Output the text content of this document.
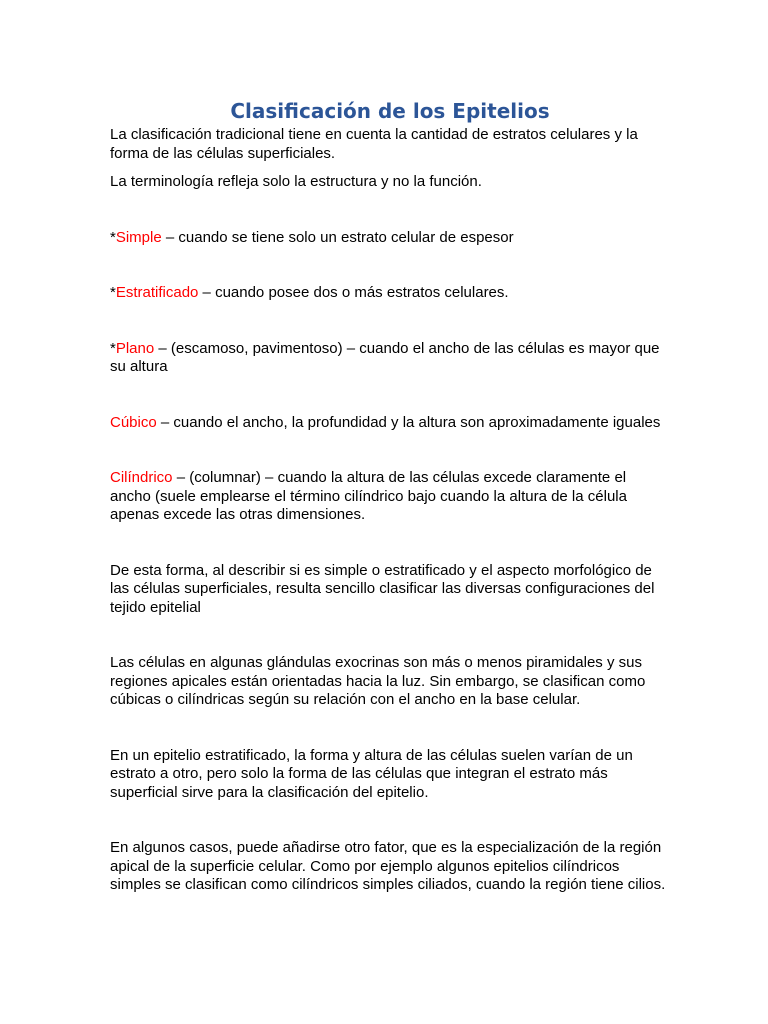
Clasificación de los Epitelios

La clasificación tradicional tiene en cuenta la cantidad de estratos celulares y la forma de las células superficiales.

La terminología refleja solo la estructura y no la función.

*Simple – cuando se tiene solo un estrato celular de espesor

*Estratificado – cuando posee dos o más estratos celulares.

*Plano – (escamoso, pavimentoso) – cuando el ancho de las células es mayor que su altura

Cúbico – cuando el ancho, la profundidad y la altura son aproximadamente iguales

Cilíndrico – (columnar) – cuando la altura de las células excede claramente el ancho (suele emplearse el término cilíndrico bajo cuando la altura de la célula apenas excede las otras dimensiones.

De esta forma, al describir si es simple o estratificado y el aspecto morfológico de las células superficiales, resulta sencillo clasificar las diversas configuraciones del tejido epitelial

Las células en algunas glándulas exocrinas son más o menos piramidales y sus regiones apicales están orientadas hacia la luz. Sin embargo, se clasifican como cúbicas o cilíndricas según su relación con el ancho en la base celular.

En un epitelio estratificado, la forma y altura de las células suelen varían de un estrato a otro, pero solo la forma de las células que integran el estrato más superficial sirve para la clasificación del epitelio.

En algunos casos, puede añadirse otro fator, que es la especialización de la región apical de la superficie celular. Como por ejemplo algunos epitelios cilíndricos simples se clasifican como cilíndricos simples ciliados, cuando la región tiene cilios.
